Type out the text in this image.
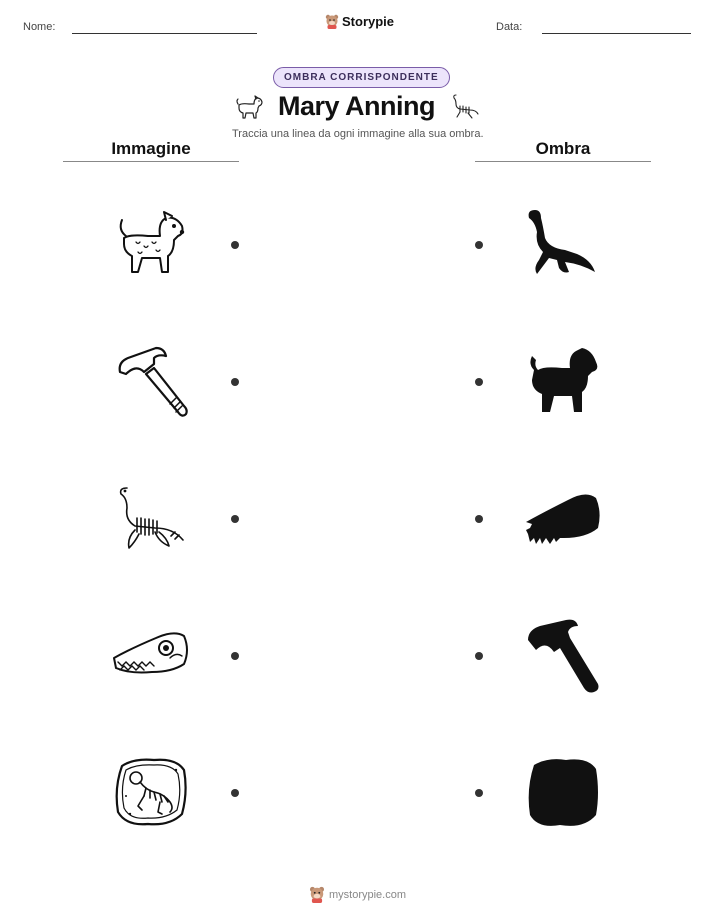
Nome:	Storypie	Data:
OMBRA CORRISPONDENTE
Mary Anning
Traccia una linea da ogni immagine alla sua ombra.
Immagine	Ombra
mystorypie.com
